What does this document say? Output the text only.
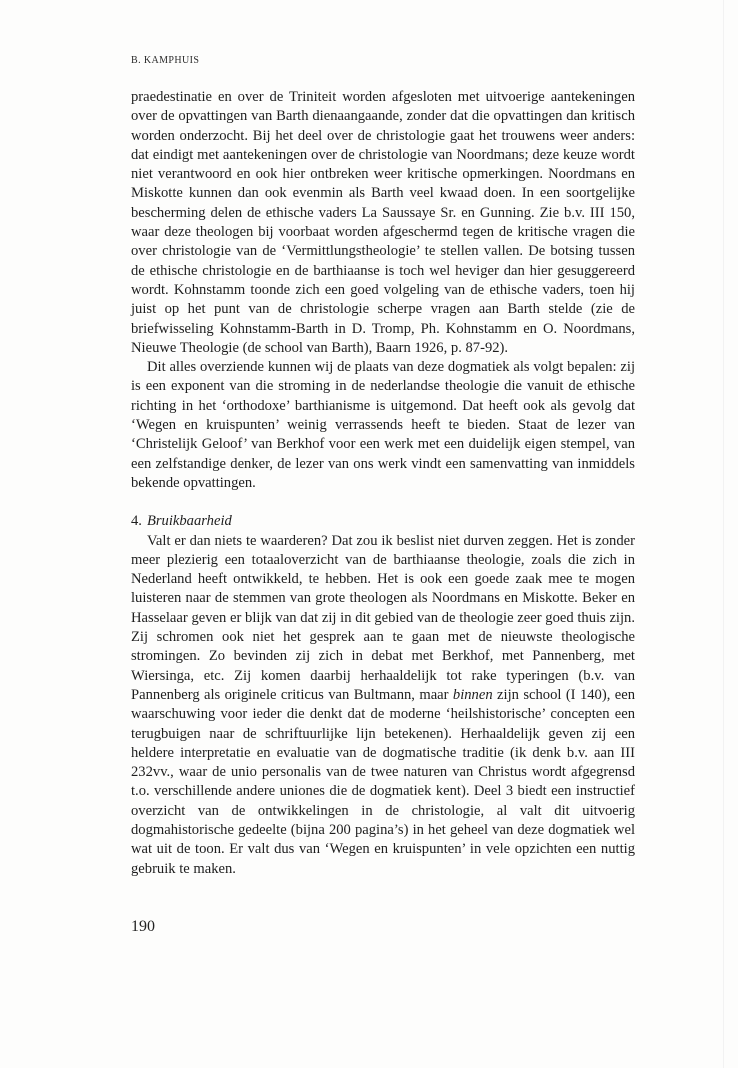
B. KAMPHUIS

praedestinatie en over de Triniteit worden afgesloten met uitvoerige aantekeningen over de opvattingen van Barth dienaangaande, zonder dat die opvattingen dan kritisch worden onderzocht. Bij het deel over de christologie gaat het trouwens weer anders: dat eindigt met aantekeningen over de christologie van Noordmans; deze keuze wordt niet verantwoord en ook hier ontbreken weer kritische opmerkingen. Noordmans en Miskotte kunnen dan ook evenmin als Barth veel kwaad doen. In een soortgelijke bescherming delen de ethische vaders La Saussaye Sr. en Gunning. Zie b.v. III 150, waar deze theologen bij voorbaat worden afgeschermd tegen de kritische vragen die over christologie van de ‘Vermittlungstheologie’ te stellen vallen. De botsing tussen de ethische christologie en de barthiaanse is toch wel heviger dan hier gesuggereerd wordt. Kohnstamm toonde zich een goed volgeling van de ethische vaders, toen hij juist op het punt van de christologie scherpe vragen aan Barth stelde (zie de briefwisseling Kohnstamm-Barth in D. Tromp, Ph. Kohnstamm en O. Noordmans, Nieuwe Theologie (de school van Barth), Baarn 1926, p. 87-92).

Dit alles overziende kunnen wij de plaats van deze dogmatiek als volgt bepalen: zij is een exponent van die stroming in de nederlandse theologie die vanuit de ethische richting in het ‘orthodoxe’ barthianisme is uitgemond. Dat heeft ook als gevolg dat ‘Wegen en kruispunten’ weinig verrassends heeft te bieden. Staat de lezer van ‘Christelijk Geloof’ van Berkhof voor een werk met een duidelijk eigen stempel, van een zelfstandige denker, de lezer van ons werk vindt een samenvatting van inmiddels bekende opvattingen.

4. Bruikbaarheid

Valt er dan niets te waarderen? Dat zou ik beslist niet durven zeggen. Het is zonder meer plezierig een totaaloverzicht van de barthiaanse theologie, zoals die zich in Nederland heeft ontwikkeld, te hebben. Het is ook een goede zaak mee te mogen luisteren naar de stemmen van grote theologen als Noordmans en Miskotte. Beker en Hasselaar geven er blijk van dat zij in dit gebied van de theologie zeer goed thuis zijn. Zij schromen ook niet het gesprek aan te gaan met de nieuwste theologische stromingen. Zo bevinden zij zich in debat met Berkhof, met Pannenberg, met Wiersinga, etc. Zij komen daarbij herhaaldelijk tot rake typeringen (b.v. van Pannenberg als originele criticus van Bultmann, maar binnen zijn school (I 140), een waarschuwing voor ieder die denkt dat de moderne ‘heilshistorische’ concepten een terugbuigen naar de schriftuurlijke lijn betekenen). Herhaaldelijk geven zij een heldere interpretatie en evaluatie van de dogmatische traditie (ik denk b.v. aan III 232vv., waar de unio personalis van de twee naturen van Christus wordt afgegrensd t.o. verschillende andere uniones die de dogmatiek kent). Deel 3 biedt een instructief overzicht van de ontwikkelingen in de christologie, al valt dit uitvoerig dogmahistorische gedeelte (bijna 200 pagina’s) in het geheel van deze dogmatiek wel wat uit de toon. Er valt dus van ‘Wegen en kruispunten’ in vele opzichten een nuttig gebruik te maken.

190
